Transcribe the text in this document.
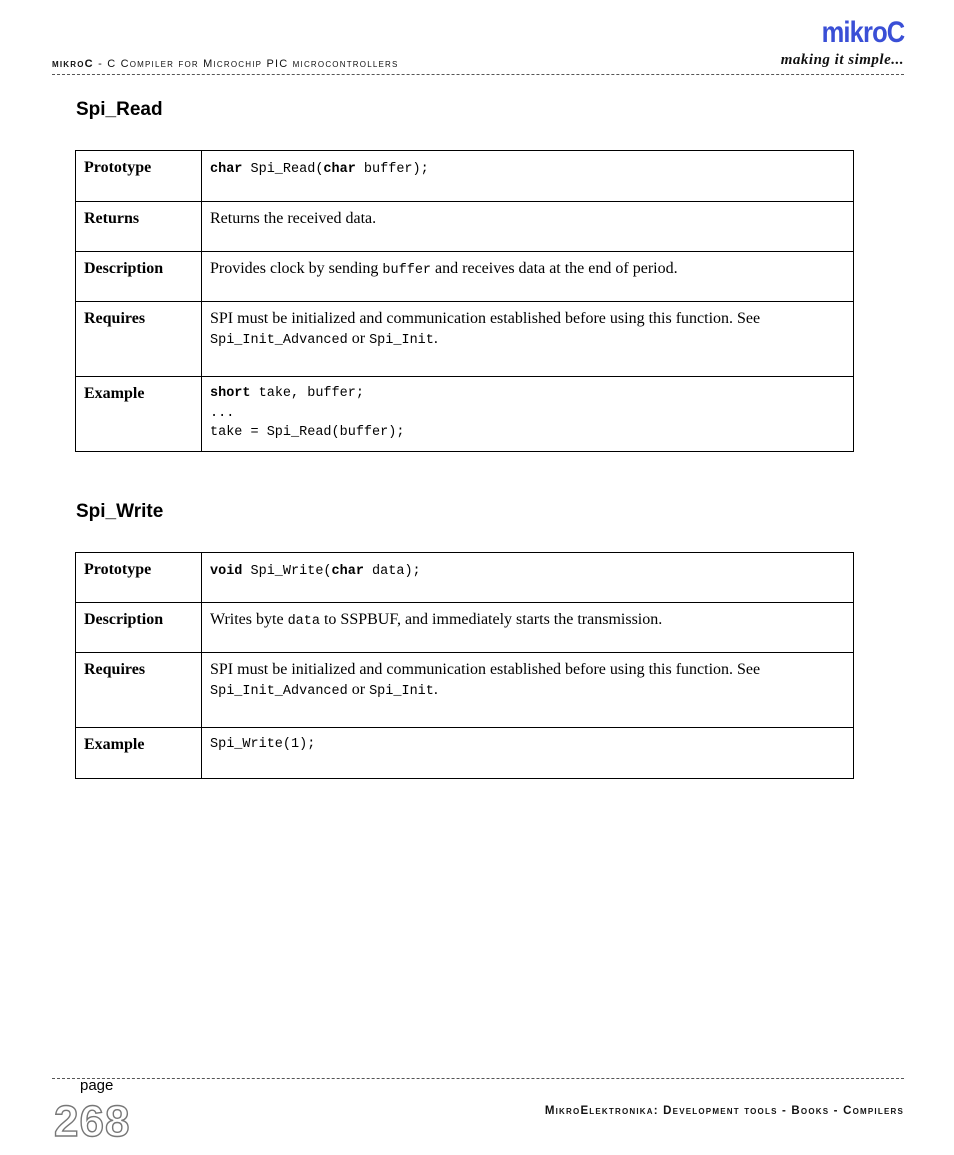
mikroC - C Compiler for Microchip PIC microcontrollers
mikroC
making it simple...
Spi_Read
Prototype	char Spi_Read(char buffer);
Returns	Returns the received data.
Description	Provides clock by sending buffer and receives data at the end of period.
Requires	SPI must be initialized and communication established before using this function. See
Spi_Init_Advanced or Spi_Init.
Example	short take, buffer;
...
take = Spi_Read(buffer);
Spi_Write
Prototype	void Spi_Write(char data);
Description	Writes byte data to SSPBUF, and immediately starts the transmission.
Requires	SPI must be initialized and communication established before using this function. See
Spi_Init_Advanced or Spi_Init.
Example	Spi_Write(1);
page
268	MikroElektronika: Development tools - Books - Compilers
